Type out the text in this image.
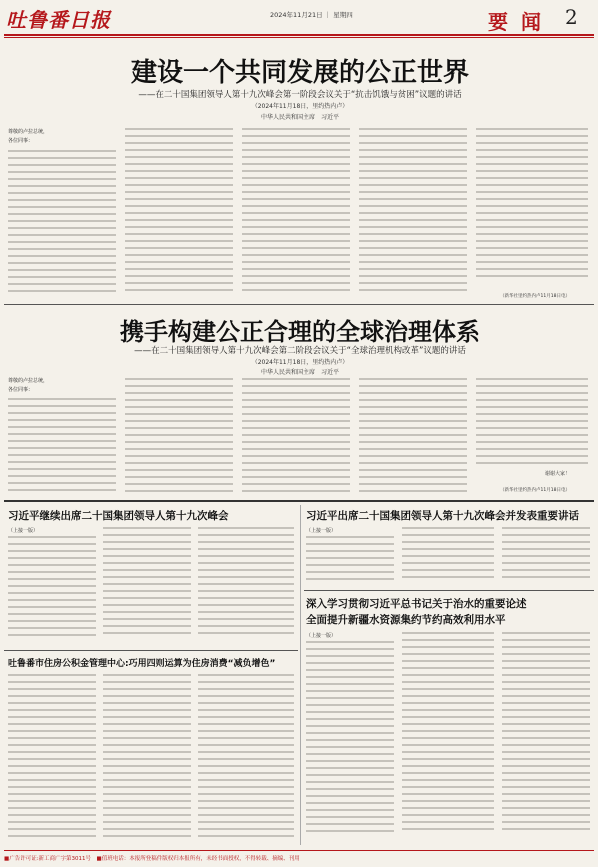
吐鲁番日报	2024年11月21日 ｜ 星期四	要 闻 2
建设一个共同发展的公正世界
——在二十国集团领导人第十九次峰会第一阶段会议关于“抗击饥饿与贫困”议题的讲话
（2024年11月18日，里约热内卢）
中华人民共和国主席　习近平
尊敬的卢拉总统，
各位同事：
（新华社里约热内卢11月18日电）
携手构建公正合理的全球治理体系
——在二十国集团领导人第十九次峰会第二阶段会议关于“全球治理机构改革”议题的讲话
（2024年11月18日，里约热内卢）
中华人民共和国主席　习近平
尊敬的卢拉总统，
各位同事：
谢谢大家！
（新华社里约热内卢11月18日电）
习近平继续出席二十国集团领导人第十九次峰会
（上接一版）
习近平出席二十国集团领导人第十九次峰会并发表重要讲话
（上接一版）
深入学习贯彻习近平总书记关于治水的重要论述
全面提升新疆水资源集约节约高效利用水平
（上接一版）
吐鲁番市住房公积金管理中心:巧用四则运算为住房消费“减负增色”
■广告许可证:新工商广字第3011号　■值班电话：本报所登稿件版权归本报所有，未经书面授权，不得转载、摘编、刊用
